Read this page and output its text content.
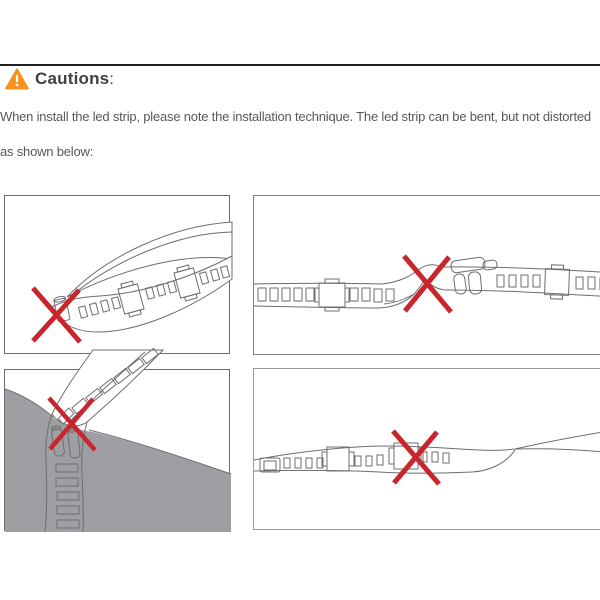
Cautions:
When install the led strip, please note the installation technique. The led strip can be bent, but not distorted
as shown below:
